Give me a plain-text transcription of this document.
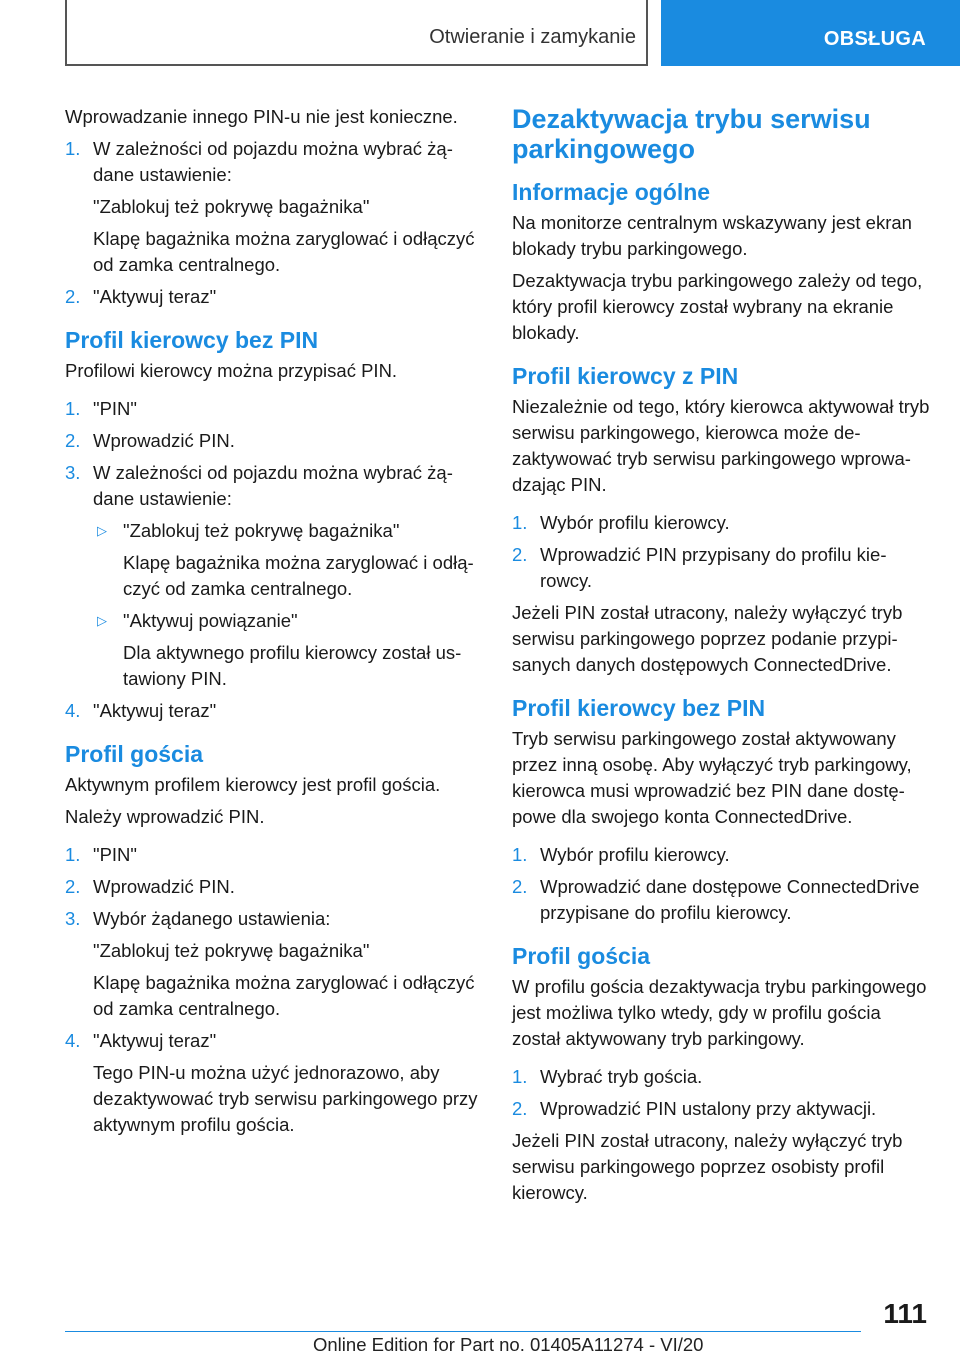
Otwieranie i zamykanie	OBSŁUGA

Wprowadzanie innego PIN-u nie jest konieczne.

1. W zależności od pojazdu można wybrać żądane ustawienie:
"Zablokuj też pokrywę bagażnika"
Klapę bagażnika można zaryglować i odłączyć od zamka centralnego.
2. "Aktywuj teraz"
Profil kierowcy bez PIN

Profilowi kierowcy można przypisać PIN.

1. "PIN"
2. Wprowadzić PIN.
3. W zależności od pojazdu można wybrać żądane ustawienie:
▷ "Zablokuj też pokrywę bagażnika"
Klapę bagażnika można zaryglować i odłączyć od zamka centralnego.
▷ "Aktywuj powiązanie"
Dla aktywnego profilu kierowcy został ustawiony PIN.
4. "Aktywuj teraz"
Profil gościa

Aktywnym profilem kierowcy jest profil gościa.

Należy wprowadzić PIN.

1. "PIN"
2. Wprowadzić PIN.
3. Wybór żądanego ustawienia:
"Zablokuj też pokrywę bagażnika"
Klapę bagażnika można zaryglować i odłączyć od zamka centralnego.
4. "Aktywuj teraz"
Tego PIN-u można użyć jednorazowo, aby dezaktywować tryb serwisu parkingowego przy aktywnym profilu gościa.
Dezaktywacja trybu serwisu parkingowego
Informacje ogólne

Na monitorze centralnym wskazywany jest ekran blokady trybu parkingowego.

Dezaktywacja trybu parkingowego zależy od tego, który profil kierowcy został wybrany na ekranie blokady.

Profil kierowcy z PIN

Niezależnie od tego, który kierowca aktywował tryb serwisu parkingowego, kierowca może dezaktywować tryb serwisu parkingowego wprowadzając PIN.

1. Wybór profilu kierowcy.
2. Wprowadzić PIN przypisany do profilu kierowcy.

Jeżeli PIN został utracony, należy wyłączyć tryb serwisu parkingowego poprzez podanie przypisanych danych dostępowych ConnectedDrive.

Profil kierowcy bez PIN

Tryb serwisu parkingowego został aktywowany przez inną osobę. Aby wyłączyć tryb parkingowy, kierowca musi wprowadzić bez PIN dane dostępowe dla swojego konta ConnectedDrive.

1. Wybór profilu kierowcy.
2. Wprowadzić dane dostępowe ConnectedDrive przypisane do profilu kierowcy.
Profil gościa

W profilu gościa dezaktywacja trybu parkingowego jest możliwa tylko wtedy, gdy w profilu gościa został aktywowany tryb parkingowy.

1. Wybrać tryb gościa.
2. Wprowadzić PIN ustalony przy aktywacji.

Jeżeli PIN został utracony, należy wyłączyć tryb serwisu parkingowego poprzez osobisty profil kierowcy.

111
Online Edition for Part no. 01405A11274 - VI/20
